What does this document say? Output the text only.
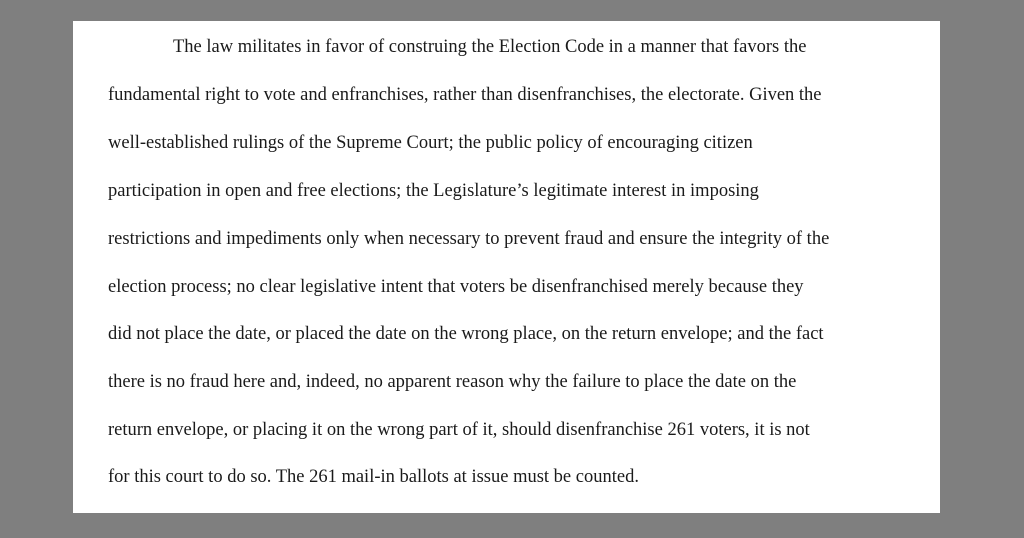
The law militates in favor of construing the Election Code in a manner that favors the
fundamental right to vote and enfranchises, rather than disenfranchises, the electorate. Given the
well-established rulings of the Supreme Court; the public policy of encouraging citizen
participation in open and free elections; the Legislature’s legitimate interest in imposing
restrictions and impediments only when necessary to prevent fraud and ensure the integrity of the
election process; no clear legislative intent that voters be disenfranchised merely because they
did not place the date, or placed the date on the wrong place, on the return envelope; and the fact
there is no fraud here and, indeed, no apparent reason why the failure to place the date on the
return envelope, or placing it on the wrong part of it, should disenfranchise 261 voters, it is not
for this court to do so. The 261 mail-in ballots at issue must be counted.
